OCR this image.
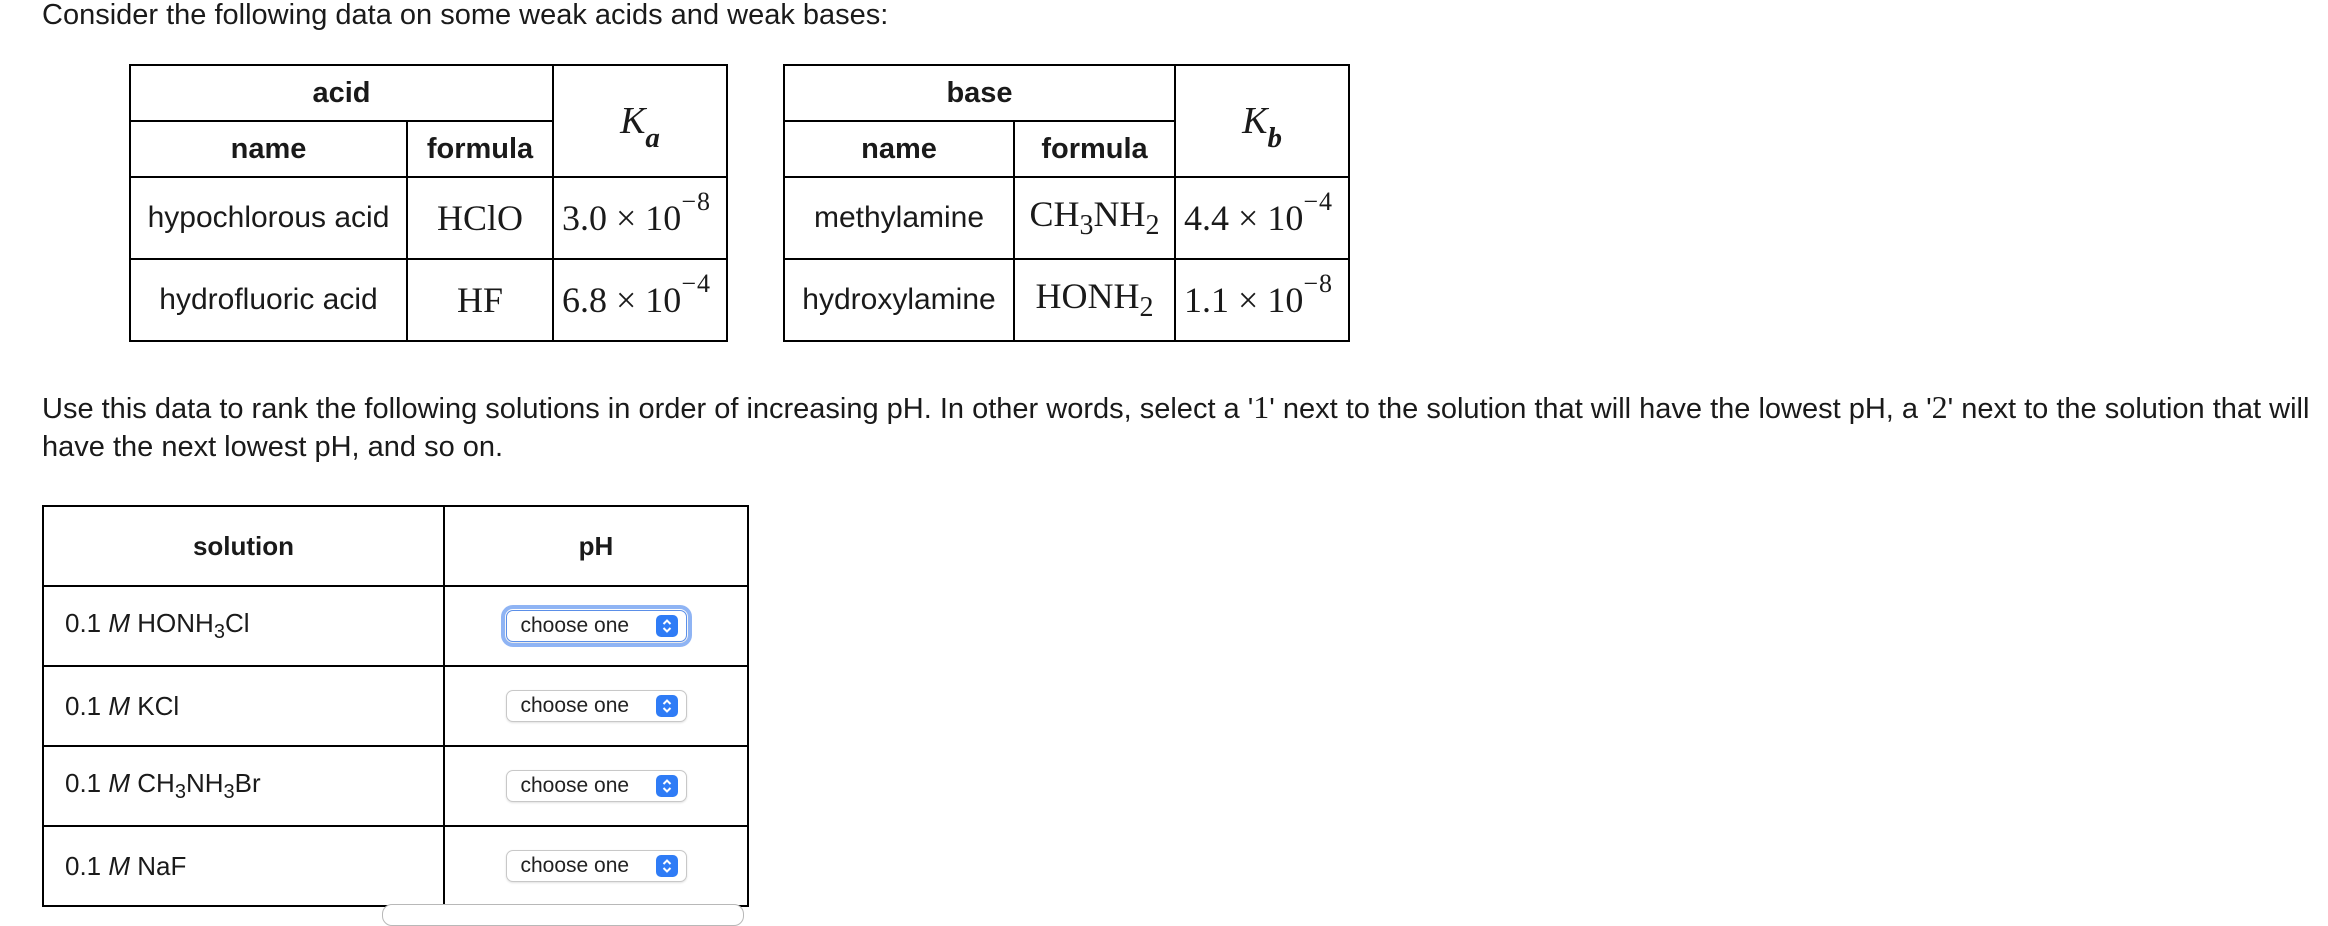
Consider the following data on some weak acids and weak bases:

acid		Ka
name	formula	
hypochlorous acid	HClO	$3.0 \times 10^{-8}$
hydrofluoric acid	HF	$6.8 \times 10^{-4}$
base		Kb
name	formula	
methylamine	$CH_3NH_2$	$4.4 \times 10^{-4}$
hydroxylamine	$HONH_2$	$1.1 \times 10^{-8}$

Use this data to rank the following solutions in order of increasing pH. In other words, select a '1' next to the solution that will have the lowest pH, a '2' next to the solution that will have the next lowest pH, and so on.

solution	pH
0.1 M $HONH_3Cl$	choose one

0.1 M KCl	choose one

0.1 M $CH_3NH_3Br$	choose one

0.1 M NaF	choose one
